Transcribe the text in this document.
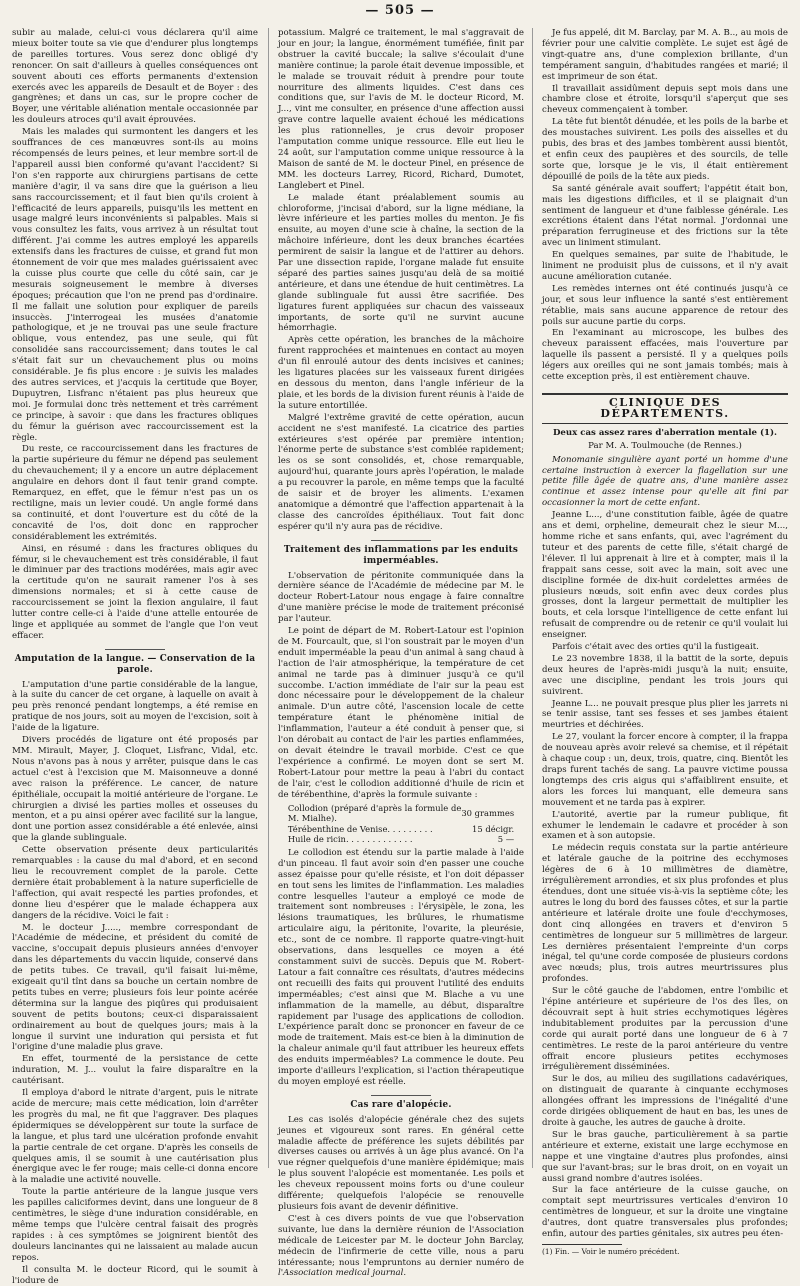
— 505 —

subir au malade, celui-ci vous déclarera qu'il aime mieux boiter toute sa vie que d'endurer plus longtemps de pareilles tortures. Vous serez donc obligé d'y renoncer. On sait d'ailleurs à quelles conséquences ont souvent abouti ces efforts permanents d'extension exercés avec les appareils de Desault et de Boyer : des gangrènes; et dans un cas, sur le propre cocher de Boyer, une véritable aliénation mentale occasionnée par les douleurs atroces qu'il avait éprouvées.

Mais les malades qui surmontent les dangers et les souffrances de ces manœuvres sont-ils au moins récompensés de leurs peines, et leur membre sort-il de l'appareil aussi bien conformé qu'avant l'accident? Si l'on s'en rapporte aux chirurgiens partisans de cette manière d'agir, il va sans dire que la guérison a lieu sans raccourcissement; et il faut bien qu'ils croient à l'efficacité de leurs appareils, puisqu'ils les mettent en usage malgré leurs inconvénients si palpables. Mais si vous consultez les faits, vous arrivez à un résultat tout différent. J'ai comme les autres employé les appareils extensifs dans les fractures de cuisse, et grand fut mon étonnement de voir que mes malades guérissaient avec la cuisse plus courte que celle du côté sain, car je mesurais soigneusement le membre à diverses époques; précaution que l'on ne prend pas d'ordinaire. Il me fallait une solution pour expliquer de pareils insuccès. J'interrogeai les musées d'anatomie pathologique, et je ne trouvai pas une seule fracture oblique, vous entendez, pas une seule, qui fût consolidée sans raccourcissement; dans toutes le cal s'était fait sur un chevauchement plus ou moins considérable. Je fis plus encore : je suivis les malades des autres services, et j'acquis la certitude que Boyer, Dupuytren, Lisfranc n'étaient pas plus heureux que moi. Je formulai donc très nettement et très carrément ce principe, à savoir : que dans les fractures obliques du fémur la guérison avec raccourcissement est la règle.

Du reste, ce raccourcissement dans les fractures de la partie supérieure du fémur ne dépend pas seulement du chevauchement; il y a encore un autre déplacement angulaire en dehors dont il faut tenir grand compte. Remarquez, en effet, que le fémur n'est pas un os rectiligne, mais un levier coudé. Un angle formé dans sa continuité, et dont l'ouverture est du côté de la concavité de l'os, doit donc en rapprocher considérablement les extrémités.

Ainsi, en résumé : dans les fractures obliques du fémur, si le chevauchement est très considérable, il faut le diminuer par des tractions modérées, mais agir avec la certitude qu'on ne saurait ramener l'os à ses dimensions normales; et si à cette cause de raccourcissement se joint la flexion angulaire, il faut lutter contre celle-ci à l'aide d'une attelle entourée de linge et appliquée au sommet de l'angle que l'on veut effacer.

Amputation de la langue. — Conservation de la parole.

L'amputation d'une partie considérable de la langue, à la suite du cancer de cet organe, à laquelle on avait à peu près renoncé pendant longtemps, a été remise en pratique de nos jours, soit au moyen de l'excision, soit à l'aide de la ligature.

Divers procédés de ligature ont été proposés par MM. Mirault, Mayer, J. Cloquet, Lisfranc, Vidal, etc. Nous n'avons pas à nous y arrêter, puisque dans le cas actuel c'est à l'excision que M. Maisonneuve a donné avec raison la préférence. Le cancer, de nature épithéliale, occupait la moitié antérieure de l'organe. Le chirurgien a divisé les parties molles et osseuses du menton, et a pu ainsi opérer avec facilité sur la langue, dont une portion assez considérable a été enlevée, ainsi que la glande sublinguale.

Cette observation présente deux particularités remarquables : la cause du mal d'abord, et en second lieu le recouvrement complet de la parole. Cette dernière était probablement à la nature superficielle de l'affection, qui avait respecté les parties profondes, et donne lieu d'espérer que le malade échappera aux dangers de la récidive. Voici le fait :

M. le docteur J....., membre correspondant de l'Académie de médecine, et président du comité de vaccine, s'occupait depuis plusieurs années d'envoyer dans les départements du vaccin liquide, conservé dans de petits tubes. Ce travail, qu'il faisait lui-même, exigeait qu'il tînt dans sa bouche un certain nombre de petits tubes en verre; plusieurs fois leur pointe acérée détermina sur la langue des piqûres qui produisaient souvent de petits boutons; ceux-ci disparaissaient ordinairement au bout de quelques jours; mais à la longue il survint une induration qui persista et fut l'origine d'une maladie plus grave.

En effet, tourmenté de la persistance de cette induration, M. J... voulut la faire disparaître en la cautérisant.

Il employa d'abord le nitrate d'argent, puis le nitrate acide de mercure; mais cette médication, loin d'arrêter les progrès du mal, ne fit que l'aggraver. Des plaques épidermiques se développèrent sur toute la surface de la langue, et plus tard une ulcération profonde envahit la partie centrale de cet organe. D'après les conseils de quelques amis, il se soumit à une cautérisation plus énergique avec le fer rouge; mais celle-ci donna encore à la maladie une activité nouvelle.

Toute la partie antérieure de la langue jusque vers les papilles caliciformes devint, dans une longueur de 8 centimètres, le siège d'une induration considérable, en même temps que l'ulcère central faisait des progrès rapides : à ces symptômes se joignirent bientôt des douleurs lancinantes qui ne laissaient au malade aucun repos.

Il consulta M. le docteur Ricord, qui le soumit à l'iodure de

potassium. Malgré ce traitement, le mal s'aggravait de jour en jour; la langue, énormément tuméfiée, finit par obstruer la cavité buccale; la salive s'écoulait d'une manière continue; la parole était devenue impossible, et le malade se trouvait réduit à prendre pour toute nourriture des aliments liquides. C'est dans ces conditions que, sur l'avis de M. le docteur Ricord, M. J..., vint me consulter, en présence d'une affection aussi grave contre laquelle avaient échoué les médications les plus rationnelles, je crus devoir proposer l'amputation comme unique ressource. Elle eut lieu le 24 août, sur l'amputation comme unique ressource à la Maison de santé de M. le docteur Pinel, en présence de MM. les docteurs Larrey, Ricord, Richard, Dumotet, Langlebert et Pinel.

Le malade étant préalablement soumis au chloroforme, j'incisai d'abord, sur la ligne médiane, la lèvre inférieure et les parties molles du menton. Je fis ensuite, au moyen d'une scie à chaîne, la section de la mâchoire inférieure, dont les deux branches écartées permirent de saisir la langue et de l'attirer au dehors. Par une dissection rapide, l'organe malade fut ensuite séparé des parties saines jusqu'au delà de sa moitié antérieure, et dans une étendue de huit centimètres. La glande sublinguale fut aussi être sacrifiée. Des ligatures furent appliquées sur chacun des vaisseaux importants, de sorte qu'il ne survint aucune hémorrhagie.

Après cette opération, les branches de la mâchoire furent rapprochées et maintenues en contact au moyen d'un fil enroulé autour des dents incisives et canines; les ligatures placées sur les vaisseaux furent dirigées en dessous du menton, dans l'angle inférieur de la plaie, et les bords de la division furent réunis à l'aide de la suture entortillée.

Malgré l'extrême gravité de cette opération, aucun accident ne s'est manifesté. La cicatrice des parties extérieures s'est opérée par première intention; l'énorme perte de substance s'est comblée rapidement; les os se sont consolidés, et, chose remarquable, aujourd'hui, quarante jours après l'opération, le malade a pu recouvrer la parole, en même temps que la faculté de saisir et de broyer les aliments. L'examen anatomique a démontré que l'affection appartenait à la classe des cancroïdes épithéliaux. Tout fait donc espérer qu'il n'y aura pas de récidive.

Traitement des inflammations par les enduits imperméables.

L'observation de péritonite communiquée dans la dernière séance de l'Académie de médecine par M. le docteur Robert-Latour nous engage à faire connaître d'une manière précise le mode de traitement préconisé par l'auteur.

Le point de départ de M. Robert-Latour est l'opinion de M. Fourcault, que, si l'on soustrait par le moyen d'un enduit imperméable la peau d'un animal à sang chaud à l'action de l'air atmosphérique, la température de cet animal ne tarde pas à diminuer jusqu'à ce qu'il succombe. L'action immédiate de l'air sur la peau est donc nécessaire pour le développement de la chaleur animale. D'un autre côté, l'ascension locale de cette température étant le phénomène initial de l'inflammation, l'auteur a été conduit à penser que, si l'on dérobait au contact de l'air les parties enflammées, on devait éteindre le travail morbide. C'est ce que l'expérience a confirmé. Le moyen dont se sert M. Robert-Latour pour mettre la peau à l'abri du contact de l'air, c'est le collodion additionné d'huile de ricin et de térébenthine, d'après la formule suivante :

Collodion (préparé d'après la formule de M. Mialhe).	30 grammes
Térébenthine de Venise. . . . . . . . .	15 décigr.
Huile de ricin. . . . . . . . . . . . .	5 —

Le collodion est étendu sur la partie malade à l'aide d'un pinceau. Il faut avoir soin d'en passer une couche assez épaisse pour qu'elle résiste, et l'on doit dépasser en tout sens les limites de l'inflammation. Les maladies contre lesquelles l'auteur a employé ce mode de traitement sont nombreuses : l'érysipèle, le zona, les lésions traumatiques, les brûlures, le rhumatisme articulaire aigu, la péritonite, l'ovarite, la pleurésie, etc., sont de ce nombre. Il rapporte quatre-vingt-huit observations, dans lesquelles ce moyen a été constamment suivi de succès. Depuis que M. Robert-Latour a fait connaître ces résultats, d'autres médecins ont recueilli des faits qui prouvent l'utilité des enduits imperméables; c'est ainsi que M. Blache a vu une inflammation de la mamelle, au début, disparaître rapidement par l'usage des applications de collodion. L'expérience paraît donc se prononcer en faveur de ce mode de traitement. Mais est-ce bien à la diminution de la chaleur animale qu'il faut attribuer les heureux effets des enduits imperméables? La commence le doute. Peu importe d'ailleurs l'explication, si l'action thérapeutique du moyen employé est réelle.

Cas rare d'alopécie.

Les cas isolés d'alopécie générale chez des sujets jeunes et vigoureux sont rares. En général cette maladie affecte de préférence les sujets débilités par diverses causes ou arrivés à un âge plus avancé. On l'a vue régner quelquefois d'une manière épidémique; mais le plus souvent l'alopécie est momentanée. Les poils et les cheveux repoussent moins forts ou d'une couleur différente; quelquefois l'alopécie se renouvelle plusieurs fois avant de devenir définitive.

C'est à ces divers points de vue que l'observation suivante, lue dans la dernière réunion de l'Association médicale de Leicester par M. le docteur John Barclay, médecin de l'infirmerie de cette ville, nous a paru intéressante; nous l'empruntons au dernier numéro de l'Association medical journal.

Je fus appelé, dit M. Barclay, par M. A. B.., au mois de février pour une calvitie complète. Le sujet est âgé de vingt-quatre ans, d'une complexion brillante, d'un tempérament sanguin, d'habitudes rangées et marié; il est imprimeur de son état.

Il travaillait assidûment depuis sept mois dans une chambre close et étroite, lorsqu'il s'aperçut que ses cheveux commençaient à tomber.

La tête fut bientôt dénudée, et les poils de la barbe et des moustaches suivirent. Les poils des aisselles et du pubis, des bras et des jambes tombèrent aussi bientôt, et enfin ceux des paupières et des sourcils, de telle sorte que, lorsque je le vis, il était entièrement dépouillé de poils de la tête aux pieds.

Sa santé générale avait souffert; l'appétit était bon, mais les digestions difficiles, et il se plaignait d'un sentiment de langueur et d'une faiblesse générale. Les excrétions étaient dans l'état normal. J'ordonnai une préparation ferrugineuse et des frictions sur la tête avec un liniment stimulant.

En quelques semaines, par suite de l'habitude, le liniment ne produisit plus de cuissons, et il n'y avait aucune amélioration cutanée.

Les remèdes internes ont été continués jusqu'à ce jour, et sous leur influence la santé s'est entièrement rétablie, mais sans aucune apparence de retour des poils sur aucune partie du corps.

En l'examinant au microscope, les bulbes des cheveux paraissent effacées, mais l'ouverture par laquelle ils passent a persisté. Il y a quelques poils légers aux oreilles qui ne sont jamais tombés; mais à cette exception près, il est entièrement chauve.

CLINIQUE DES DÉPARTEMENTS.
Deux cas assez rares d'aberration mentale (1).
Par M. A. Toulmouche (de Rennes.)

Monomanie singulière ayant porté un homme d'une certaine instruction à exercer la flagellation sur une petite fille âgée de quatre ans, d'une manière assez continue et assez intense pour qu'elle ait fini par occasionner la mort de cette enfant.

Jeanne L..., d'une constitution faible, âgée de quatre ans et demi, orpheline, demeurait chez le sieur M..., homme riche et sans enfants, qui, avec l'agrément du tuteur et des parents de cette fille, s'était chargé de l'élever. Il lui apprenait à lire et à compter, mais il la frappait sans cesse, soit avec la main, soit avec une discipline formée de dix-huit cordelettes armées de plusieurs nœuds, soit enfin avec deux cordes plus grosses, dont la largeur permettait de multiplier les bouts, et cela lorsque l'intelligence de cette enfant lui refusait de comprendre ou de retenir ce qu'il voulait lui enseigner.

Parfois c'était avec des orties qu'il la fustigeait.

Le 23 novembre 1838, il la battit de la sorte, depuis deux heures de l'après-midi jusqu'à la nuit; ensuite, avec une discipline, pendant les trois jours qui suivirent.

Jeanne L... ne pouvait presque plus plier les jarrets ni se tenir assise, tant ses fesses et ses jambes étaient meurtries et déchirées.

Le 27, voulant la forcer encore à compter, il la frappa de nouveau après avoir relevé sa chemise, et il répétait à chaque coup : un, deux, trois, quatre, cinq. Bientôt les draps furent tachés de sang. La pauvre victime poussa longtemps des cris aigus qui s'affaiblirent ensuite, et alors les forces lui manquant, elle demeura sans mouvement et ne tarda pas à expirer.

L'autorité, avertie par la rumeur publique, fit exhumer le lendemain le cadavre et procéder à son examen et à son autopsie.

Le médecin requis constata sur la partie antérieure et latérale gauche de la poitrine des ecchymoses légères de 6 à 10 millimètres de diamètre, irrégulièrement arrondies, et six plus profondes et plus étendues, dont une située vis-à-vis la septième côte; les autres le long du bord des fausses côtes, et sur la partie antérieure et latérale droite une foule d'ecchymoses, dont cinq allongées en travers et d'environ 5 centimètres de longueur sur 5 millimètres de largeur. Les dernières présentaient l'empreinte d'un corps inégal, tel qu'une corde composée de plusieurs cordons avec nœuds; plus, trois autres meurtrissures plus profondes.

Sur le côté gauche de l'abdomen, entre l'ombilic et l'épine antérieure et supérieure de l'os des îles, on découvrait sept à huit stries ecchymotiques légères indubitablement produites par la percussion d'une corde qui aurait porté dans une longueur de 6 à 7 centimètres. Le reste de la paroi antérieure du ventre offrait encore plusieurs petites ecchymoses irrégulièrement disséminées.

Sur le dos, au milieu des sugillations cadavériques, on distinguait de quarante à cinquante ecchymoses allongées offrant les impressions de l'inégalité d'une corde dirigées obliquement de haut en bas, les unes de droite à gauche, les autres de gauche à droite.

Sur le bras gauche, particulièrement à sa partie antérieure et externe, existait une large ecchymose en nappe et une vingtaine d'autres plus profondes, ainsi que sur l'avant-bras; sur le bras droit, on en voyait un aussi grand nombre d'autres isolées.

Sur la face antérieure de la cuisse gauche, on comptait sept meurtrissures verticales d'environ 10 centimètres de longueur, et sur la droite une vingtaine d'autres, dont quatre transversales plus profondes; enfin, autour des parties génitales, six autres peu éten-

(1) Fin. — Voir le numéro précédent.
